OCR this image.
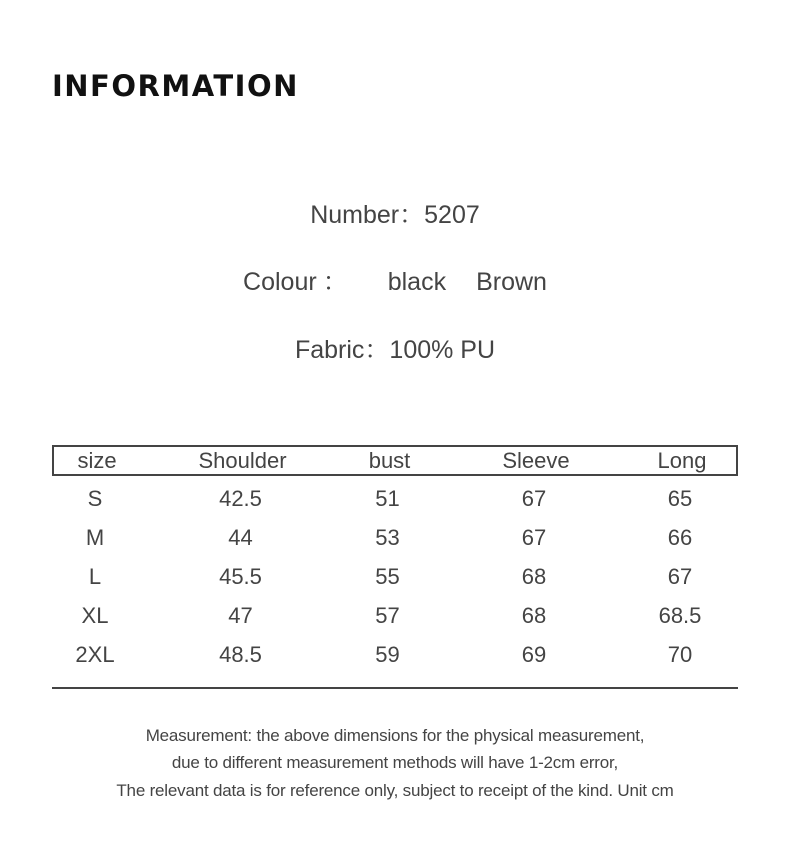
INFORMATION
Number：5207
Colour ： black Brown
Fabric：100% PU
size	Shoulder	bust	Sleeve	Long
S	42.5	51	67	65
M	44	53	67	66
L	45.5	55	68	67
XL	47	57	68	68.5
2XL	48.5	59	69	70
Measurement: the above dimensions for the physical measurement,
due to different measurement methods will have 1-2cm error,
The relevant data is for reference only, subject to receipt of the kind. Unit cm
